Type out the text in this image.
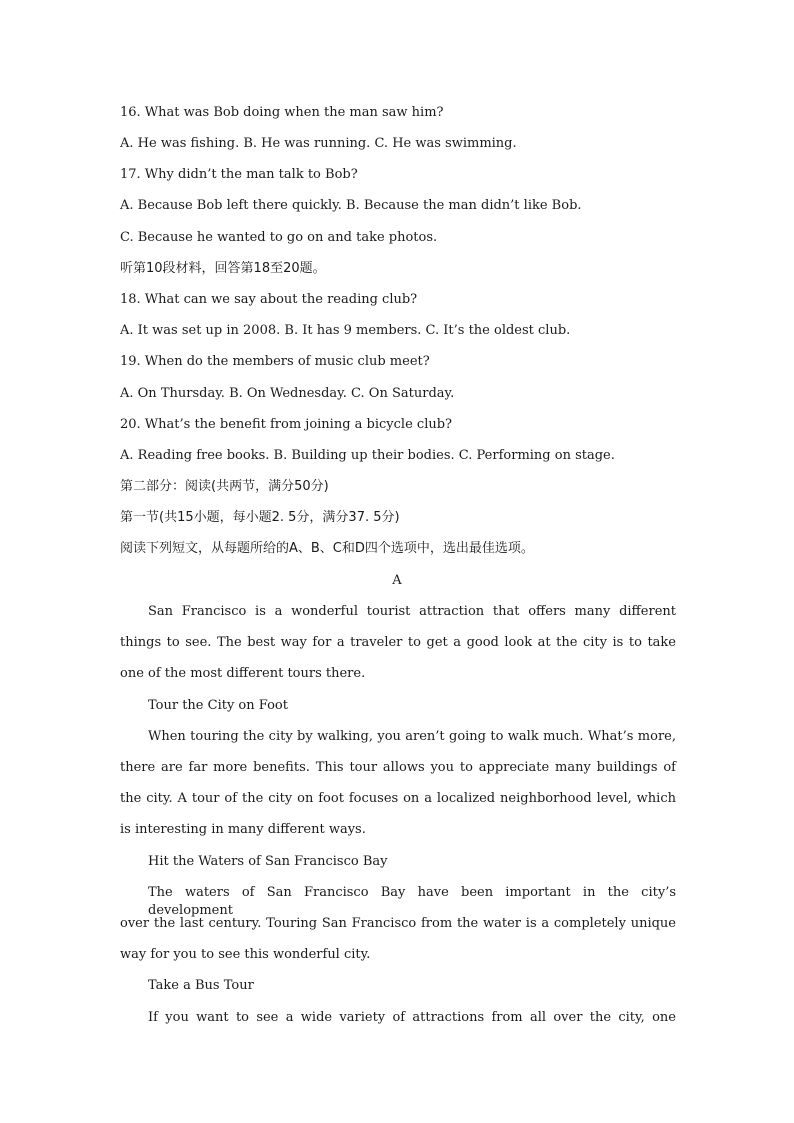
16. What was Bob doing when the man saw him?
A. He was fishing. B. He was running. C. He was swimming.
17. Why didn’t the man talk to Bob?
A. Because Bob left there quickly. B. Because the man didn’t like Bob.
C. Because he wanted to go on and take photos.
听第10段材料，回答第18至20题。
18. What can we say about the reading club?
A. It was set up in 2008. B. It has 9 members. C. It’s the oldest club.
19. When do the members of music club meet?
A. On Thursday. B. On Wednesday. C. On Saturday.
20. What’s the benefit from joining a bicycle club?
A. Reading free books. B. Building up their bodies. C. Performing on stage.
第二部分：阅读(共两节，满分50分)
第一节(共15小题，每小题2. 5分，满分37. 5分)
阅读下列短文，从每题所给的A、B、C和D四个选项中，选出最佳选项。
A
San Francisco is a wonderful tourist attraction that offers many different
things to see. The best way for a traveler to get a good look at the city is to take
one of the most different tours there.
Tour the City on Foot
When touring the city by walking, you aren’t going to walk much. What’s more,
there are far more benefits. This tour allows you to appreciate many buildings of
the city. A tour of the city on foot focuses on a localized neighborhood level, which
is interesting in many different ways.
Hit the Waters of San Francisco Bay
The waters of San Francisco Bay have been important in the city’s development
over the last century. Touring San Francisco from the water is a completely unique
way for you to see this wonderful city.
Take a Bus Tour
If you want to see a wide variety of attractions from all over the city, one
